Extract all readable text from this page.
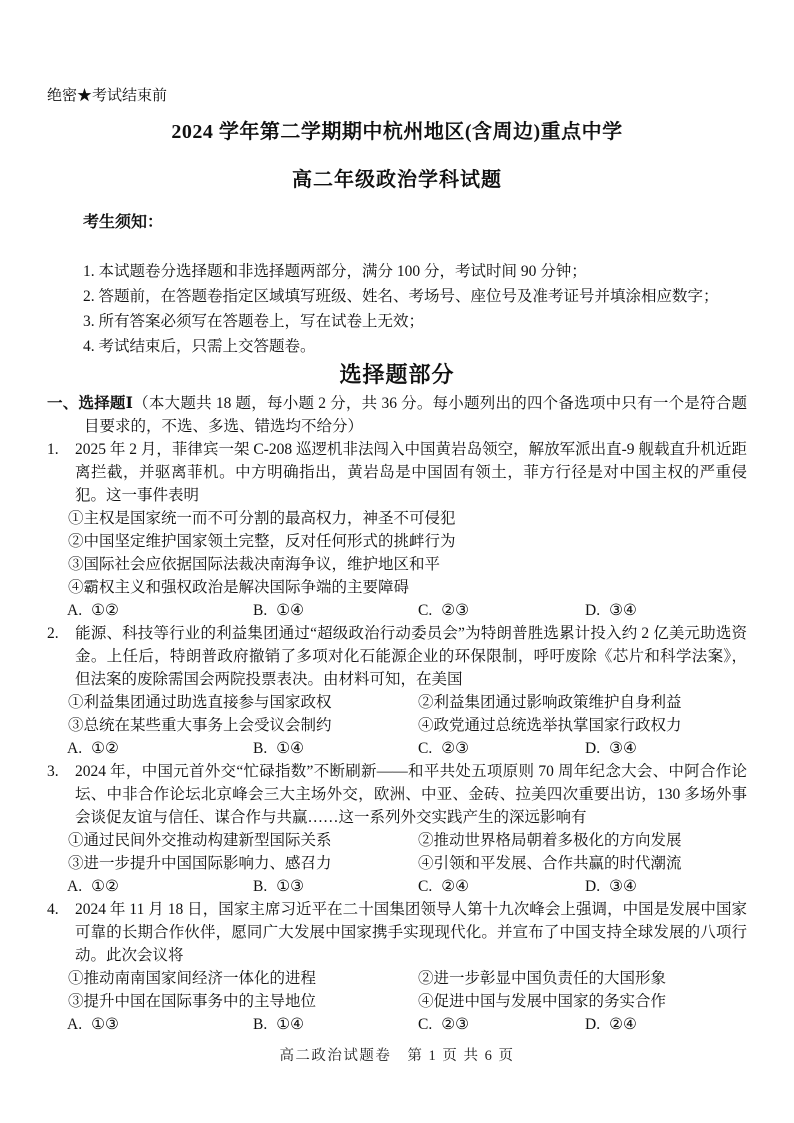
绝密★考试结束前
2024 学年第二学期期中杭州地区(含周边)重点中学
高二年级政治学科试题
考生须知：
1. 本试题卷分选择题和非选择题两部分，满分 100 分，考试时间 90 分钟；
2. 答题前，在答题卷指定区域填写班级、姓名、考场号、座位号及准考证号并填涂相应数字；
3. 所有答案必须写在答题卷上，写在试卷上无效；
4. 考试结束后，只需上交答题卷。
选择题部分
一、选择题Ⅰ（本大题共 18 题，每小题 2 分，共 36 分。每小题列出的四个备选项中只有一个是符合题目要求的，不选、多选、错选均不给分）
1. 2025 年 2 月，菲律宾一架 C-208 巡逻机非法闯入中国黄岩岛领空，解放军派出直-9 舰载直升机近距离拦截，并驱离菲机。中方明确指出，黄岩岛是中国固有领土，菲方行径是对中国主权的严重侵犯。这一事件表明
①主权是国家统一而不可分割的最高权力，神圣不可侵犯
②中国坚定维护国家领土完整，反对任何形式的挑衅行为
③国际社会应依据国际法裁决南海争议，维护地区和平
④霸权主义和强权政治是解决国际争端的主要障碍
A. ①②	B. ①④	C. ②③	D. ③④
2. 能源、科技等行业的利益集团通过“超级政治行动委员会”为特朗普胜选累计投入约 2 亿美元助选资金。上任后，特朗普政府撤销了多项对化石能源企业的环保限制，呼吁废除《芯片和科学法案》，但法案的废除需国会两院投票表决。由材料可知，在美国
①利益集团通过助选直接参与国家政权	②利益集团通过影响政策维护自身利益
③总统在某些重大事务上会受议会制约	④政党通过总统选举执掌国家行政权力
A. ①②	B. ①④	C. ②③	D. ③④
3. 2024 年，中国元首外交“忙碌指数”不断刷新——和平共处五项原则 70 周年纪念大会、中阿合作论坛、中非合作论坛北京峰会三大主场外交，欧洲、中亚、金砖、拉美四次重要出访，130 多场外事会谈促友谊与信任、谋合作与共赢……这一系列外交实践产生的深远影响有
①通过民间外交推动构建新型国际关系	②推动世界格局朝着多极化的方向发展
③进一步提升中国国际影响力、感召力	④引领和平发展、合作共赢的时代潮流
A. ①②	B. ①③	C. ②④	D. ③④
4. 2024 年 11 月 18 日，国家主席习近平在二十国集团领导人第十九次峰会上强调，中国是发展中国家可靠的长期合作伙伴，愿同广大发展中国家携手实现现代化。并宣布了中国支持全球发展的八项行动。此次会议将
①推动南南国家间经济一体化的进程	②进一步彰显中国负责任的大国形象
③提升中国在国际事务中的主导地位	④促进中国与发展中国家的务实合作
A. ①③	B. ①④	C. ②③	D. ②④
高二政治试题卷　第 1 页 共 6 页
